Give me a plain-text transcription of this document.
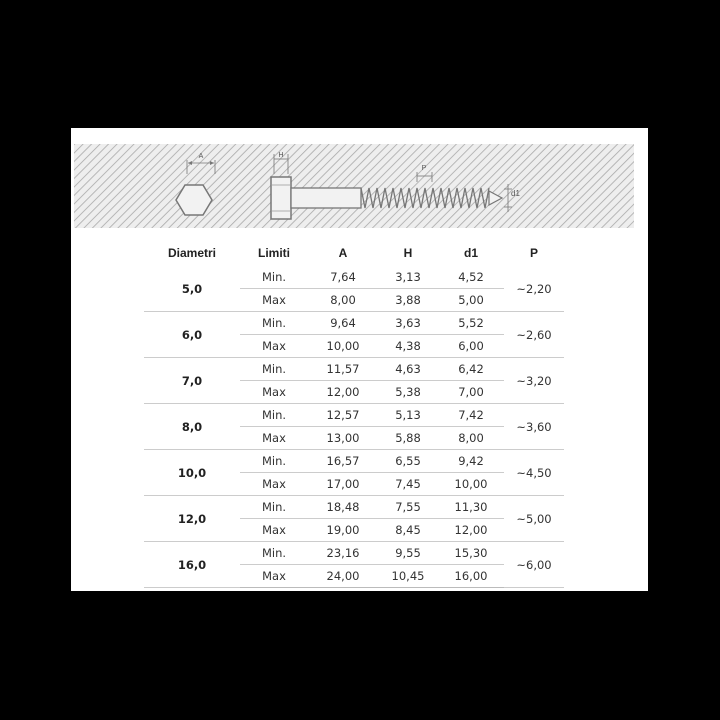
A	H
P
d1
Diametri	Limiti	A	H	d1	P
5,0	Min.	7,64	3,13	4,52	~2,20
	Max	8,00	3,88	5,00	
6,0	Min.	9,64	3,63	5,52	~2,60
	Max	10,00	4,38	6,00	
7,0	Min.	11,57	4,63	6,42	~3,20
	Max	12,00	5,38	7,00	
8,0	Min.	12,57	5,13	7,42	~3,60
	Max	13,00	5,88	8,00	
10,0	Min.	16,57	6,55	9,42	~4,50
	Max	17,00	7,45	10,00	
12,0	Min.	18,48	7,55	11,30	~5,00
	Max	19,00	8,45	12,00	
16,0	Min.	23,16	9,55	15,30	~6,00
	Max	24,00	10,45	16,00	
